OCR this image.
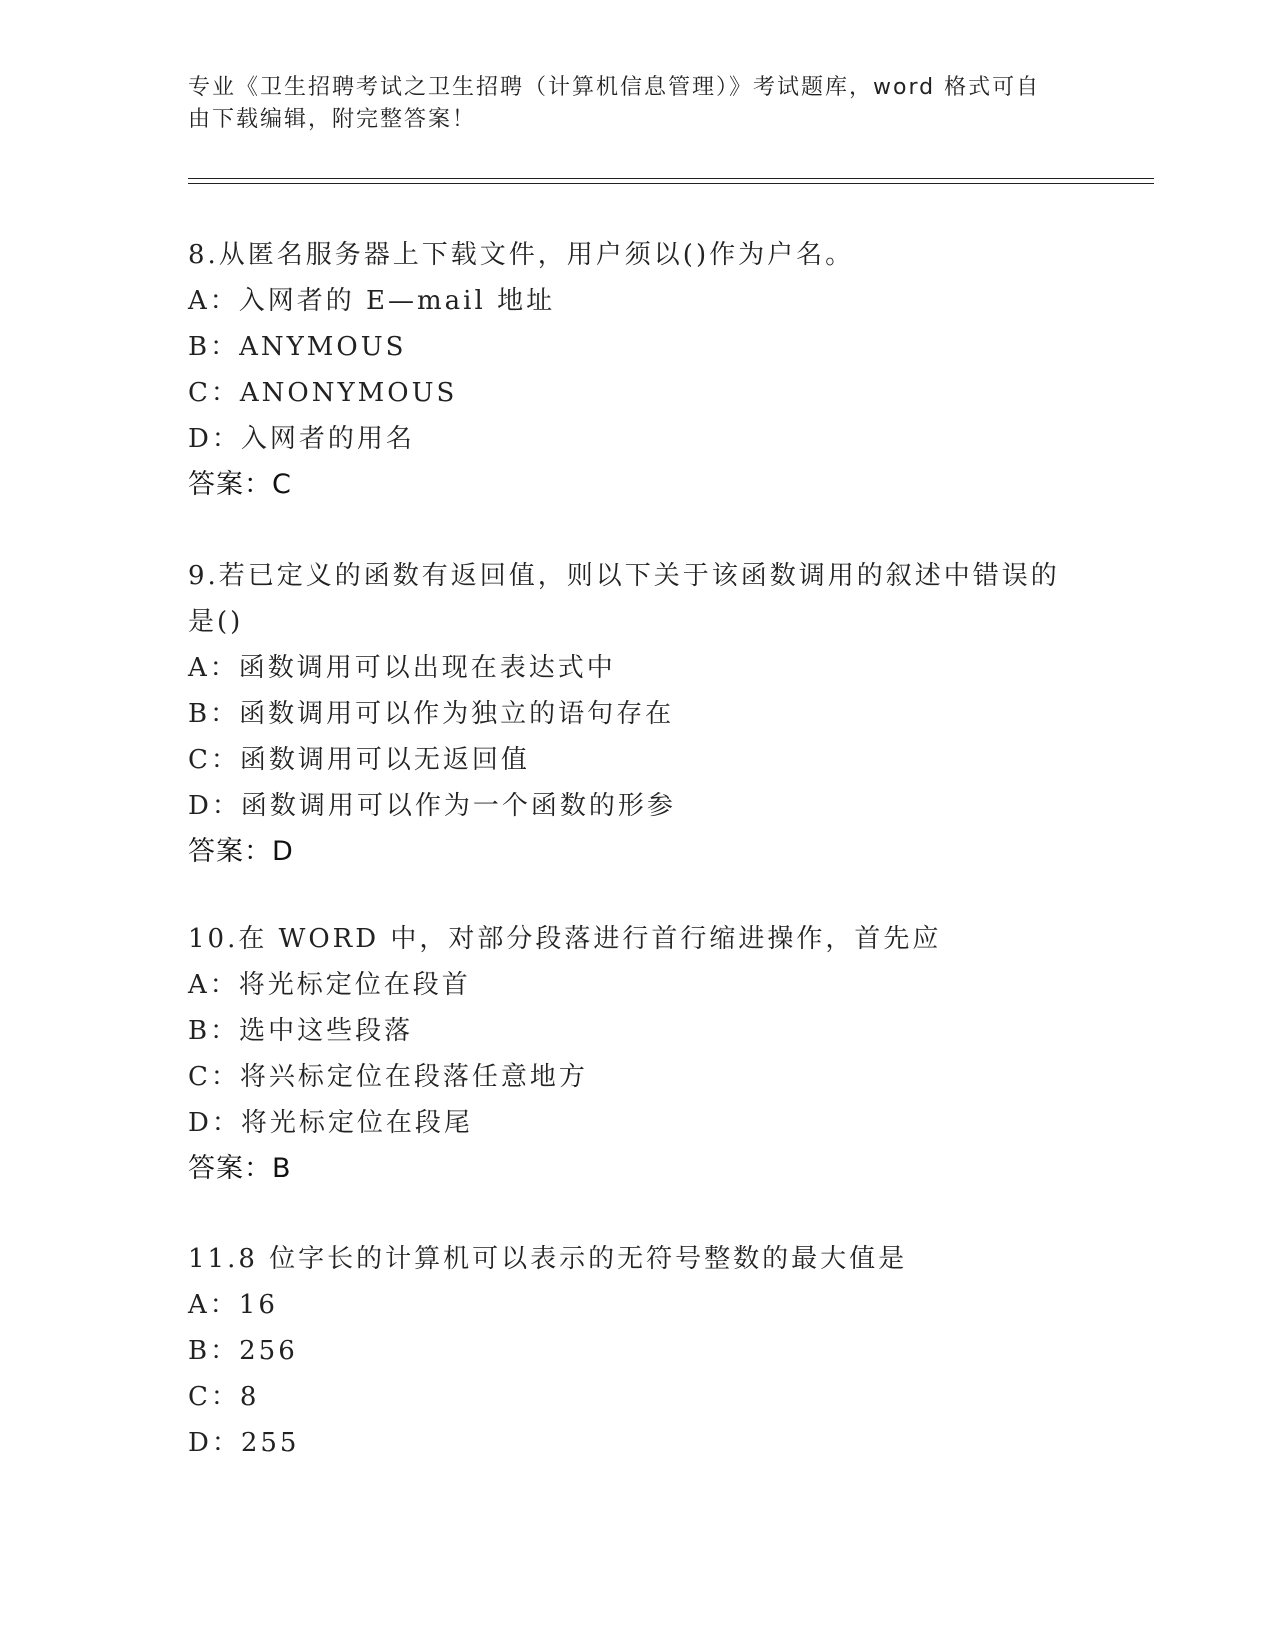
专业《卫生招聘考试之卫生招聘（计算机信息管理）》考试题库，word 格式可自
由下载编辑，附完整答案！

8.从匿名服务器上下载文件，用户须以()作为户名。

A：入网者的 E—mail 地址

B：ANYMOUS

C：ANONYMOUS

D：入网者的用名

答案：C

9.若已定义的函数有返回值，则以下关于该函数调用的叙述中错误的

是()

A：函数调用可以出现在表达式中

B：函数调用可以作为独立的语句存在

C：函数调用可以无返回值

D：函数调用可以作为一个函数的形参

答案：D

10.在 WORD 中，对部分段落进行首行缩进操作，首先应

A：将光标定位在段首

B：选中这些段落

C：将兴标定位在段落任意地方

D：将光标定位在段尾

答案：B

11.8 位字长的计算机可以表示的无符号整数的最大值是

A：16

B：256

C：8

D：255
